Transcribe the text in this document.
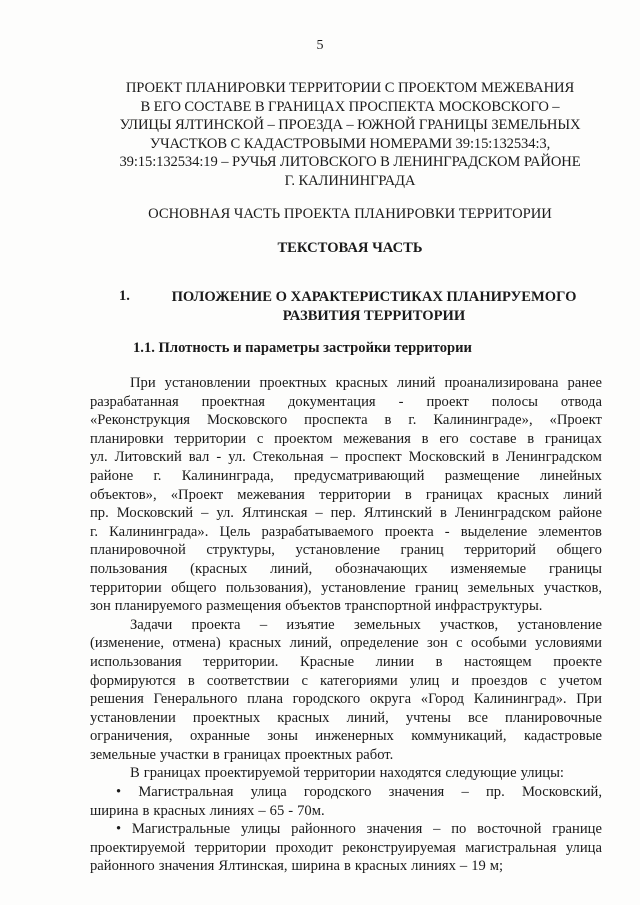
5
ПРОЕКТ ПЛАНИРОВКИ ТЕРРИТОРИИ С ПРОЕКТОМ МЕЖЕВАНИЯ
В ЕГО СОСТАВЕ В ГРАНИЦАХ ПРОСПЕКТА МОСКОВСКОГО –
УЛИЦЫ ЯЛТИНСКОЙ – ПРОЕЗДА – ЮЖНОЙ ГРАНИЦЫ ЗЕМЕЛЬНЫХ
УЧАСТКОВ С КАДАСТРОВЫМИ НОМЕРАМИ 39:15:132534:3,
39:15:132534:19 – РУЧЬЯ ЛИТОВСКОГО В ЛЕНИНГРАДСКОМ РАЙОНЕ
Г. КАЛИНИНГРАДА
ОСНОВНАЯ ЧАСТЬ ПРОЕКТА ПЛАНИРОВКИ ТЕРРИТОРИИ
ТЕКСТОВАЯ ЧАСТЬ
1.	ПОЛОЖЕНИЕ О ХАРАКТЕРИСТИКАХ ПЛАНИРУЕМОГО
РАЗВИТИЯ ТЕРРИТОРИИ
1.1. Плотность и параметры застройки территории
При установлении проектных красных линий проанализирована ранее
разрабатанная проектная документация - проект полосы отвода
«Реконструкция Московского проспекта в г. Калининграде», «Проект
планировки территории с проектом межевания в его составе в границах
ул. Литовский вал - ул. Стекольная – проспект Московский в Ленинградском
районе г. Калининграда, предусматривающий размещение линейных
объектов», «Проект межевания территории в границах красных линий
пр. Московский – ул. Ялтинская – пер. Ялтинский в Ленинградском районе
г. Калининграда». Цель разрабатываемого проекта - выделение элементов
планировочной структуры, установление границ территорий общего
пользования (красных линий, обозначающих изменяемые границы
территории общего пользования), установление границ земельных участков,
зон планируемого размещения объектов транспортной инфраструктуры.
Задачи проекта – изъятие земельных участков, установление
(изменение, отмена) красных линий, определение зон с особыми условиями
использования территории. Красные линии в настоящем проекте
формируются в соответствии с категориями улиц и проездов с учетом
решения Генерального плана городского округа «Город Калининград». При
установлении проектных красных линий, учтены все планировочные
ограничения, охранные зоны инженерных коммуникаций, кадастровые
земельные участки в границах проектных работ.
В границах проектируемой территории находятся следующие улицы:
• Магистральная улица городского значения – пр. Московский,
ширина в красных линиях – 65 - 70м.
• Магистральные улицы районного значения – по восточной границе
проектируемой территории проходит реконструируемая магистральная улица
районного значения Ялтинская, ширина в красных линиях – 19 м;
